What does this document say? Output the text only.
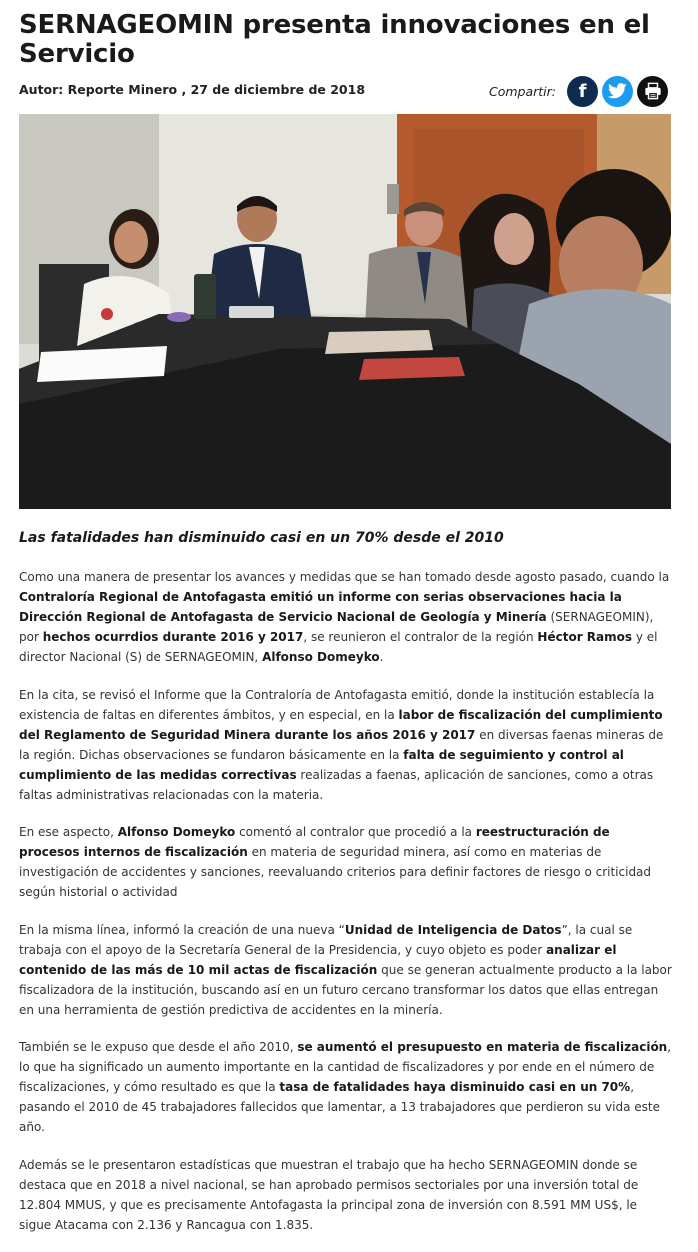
SERNAGEOMIN presenta innovaciones en el Servicio
Autor: Reporte Minero , 27 de diciembre de 2018	Compartir: f
Las fatalidades han disminuido casi en un 70% desde el 2010

Como una manera de presentar los avances y medidas que se han tomado desde agosto pasado, cuando la Contraloría Regional de Antofagasta emitió un informe con serias observaciones hacia la Dirección Regional de Antofagasta de Servicio Nacional de Geología y Minería (SERNAGEOMIN), por hechos ocurrdios durante 2016 y 2017, se reunieron el contralor de la región Héctor Ramos y el director Nacional (S) de SERNAGEOMIN, Alfonso Domeyko.

En la cita, se revisó el Informe que la Contraloría de Antofagasta emitió, donde la institución establecía la existencia de faltas en diferentes ámbitos, y en especial, en la labor de fiscalización del cumplimiento del Reglamento de Seguridad Minera durante los años 2016 y 2017 en diversas faenas mineras de la región. Dichas observaciones se fundaron básicamente en la falta de seguimiento y control al cumplimiento de las medidas correctivas realizadas a faenas, aplicación de sanciones, como a otras faltas administrativas relacionadas con la materia.

En ese aspecto, Alfonso Domeyko comentó al contralor que procedió a la reestructuración de procesos internos de fiscalización en materia de seguridad minera, así como en materias de investigación de accidentes y sanciones, reevaluando criterios para definir factores de riesgo o criticidad según historial o actividad

En la misma línea, informó la creación de una nueva “Unidad de Inteligencia de Datos”, la cual se trabaja con el apoyo de la Secretaría General de la Presidencia, y cuyo objeto es poder analizar el contenido de las más de 10 mil actas de fiscalización que se generan actualmente producto a la labor fiscalizadora de la institución, buscando así en un futuro cercano transformar los datos que ellas entregan en una herramienta de gestión predictiva de accidentes en la minería.

También se le expuso que desde el año 2010, se aumentó el presupuesto en materia de fiscalización, lo que ha significado un aumento importante en la cantidad de fiscalizadores y por ende en el número de fiscalizaciones, y cómo resultado es que la tasa de fatalidades haya disminuido casi en un 70%, pasando el 2010 de 45 trabajadores fallecidos que lamentar, a 13 trabajadores que perdieron su vida este año.

Además se le presentaron estadísticas que muestran el trabajo que ha hecho SERNAGEOMIN donde se destaca que en 2018 a nivel nacional, se han aprobado permisos sectoriales por una inversión total de 12.804 MMUS, y que es precisamente Antofagasta la principal zona de inversión con 8.591 MM US$, le sigue Atacama con 2.136 y Rancagua con 1.835.
